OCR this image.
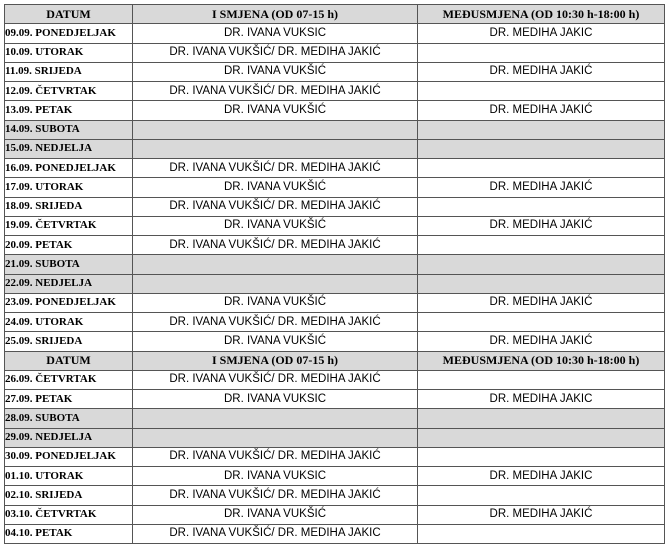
DATUM	I SMJENA (OD 07-15 h)	MEĐUSMJENA (OD 10:30 h-18:00 h)
09.09. PONEDJELJAK	DR. IVANA VUKSIC	DR. MEDIHA JAKIC
10.09. UTORAK	DR. IVANA VUKŠIĆ/ DR. MEDIHA JAKIĆ	
11.09. SRIJEDA	DR. IVANA VUKŠIĆ	DR. MEDIHA JAKIĆ
12.09. ČETVRTAK	DR. IVANA VUKŠIĆ/ DR. MEDIHA JAKIĆ	
13.09. PETAK	DR. IVANA VUKŠIĆ	DR. MEDIHA JAKIĆ
14.09. SUBOTA		
15.09. NEDJELJA		
16.09. PONEDJELJAK	DR. IVANA VUKŠIĆ/ DR. MEDIHA JAKIĆ	
17.09. UTORAK	DR. IVANA VUKŠIĆ	DR. MEDIHA JAKIĆ
18.09. SRIJEDA	DR. IVANA VUKŠIĆ/ DR. MEDIHA JAKIĆ	
19.09. ČETVRTAK	DR. IVANA VUKŠIĆ	DR. MEDIHA JAKIĆ
20.09. PETAK	DR. IVANA VUKŠIĆ/ DR. MEDIHA JAKIĆ	
21.09. SUBOTA		
22.09. NEDJELJA		
23.09. PONEDJELJAK	DR. IVANA VUKŠIĆ	DR. MEDIHA JAKIĆ
24.09. UTORAK	DR. IVANA VUKŠIĆ/ DR. MEDIHA JAKIĆ	
25.09. SRIJEDA	DR. IVANA VUKŠIĆ	DR. MEDIHA JAKIĆ
DATUM	I SMJENA (OD 07-15 h)	MEĐUSMJENA (OD 10:30 h-18:00 h)
26.09. ČETVRTAK	DR. IVANA VUKŠIĆ/ DR. MEDIHA JAKIĆ	
27.09. PETAK	DR. IVANA VUKSIC	DR. MEDIHA JAKIC
28.09. SUBOTA		
29.09. NEDJELJA		
30.09. PONEDJELJAK	DR. IVANA VUKŠIĆ/ DR. MEDIHA JAKIĆ	
01.10. UTORAK	DR. IVANA VUKSIC	DR. MEDIHA JAKIC
02.10. SRIJEDA	DR. IVANA VUKŠIĆ/ DR. MEDIHA JAKIĆ	
03.10. ČETVRTAK	DR. IVANA VUKŠIĆ	DR. MEDIHA JAKIĆ
04.10. PETAK	DR. IVANA VUKŠIĆ/ DR. MEDIHA JAKIC	
